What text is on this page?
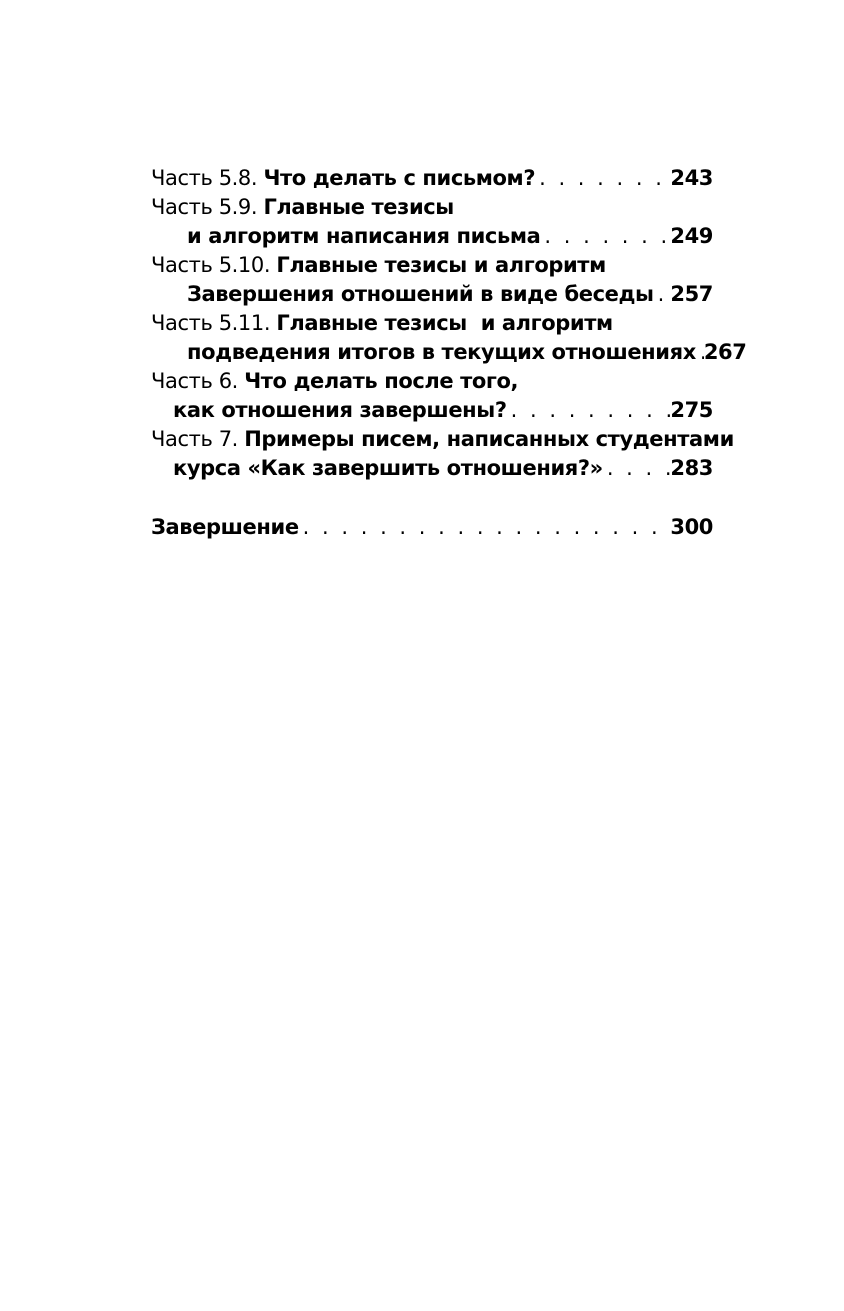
Часть 5.8.
Что делать с письмом? . . .	243
Часть 5.9. Главные тезисы
и алгоритм написания письма . . .	249
Часть 5.10. Главные тезисы и алгоритм
Завершения отношений в виде беседы . . . 257
Часть 5.11. Главные тезисы  и алгоритм
подведения итогов в текущих отношениях . . . 267
Часть 6. Что делать после того,
как отношения завершены? . . .	275
Часть 7. Примеры писем, написанных студентами
курса «Как завершить отношения?» . . .	283
Завершение . . .	300
